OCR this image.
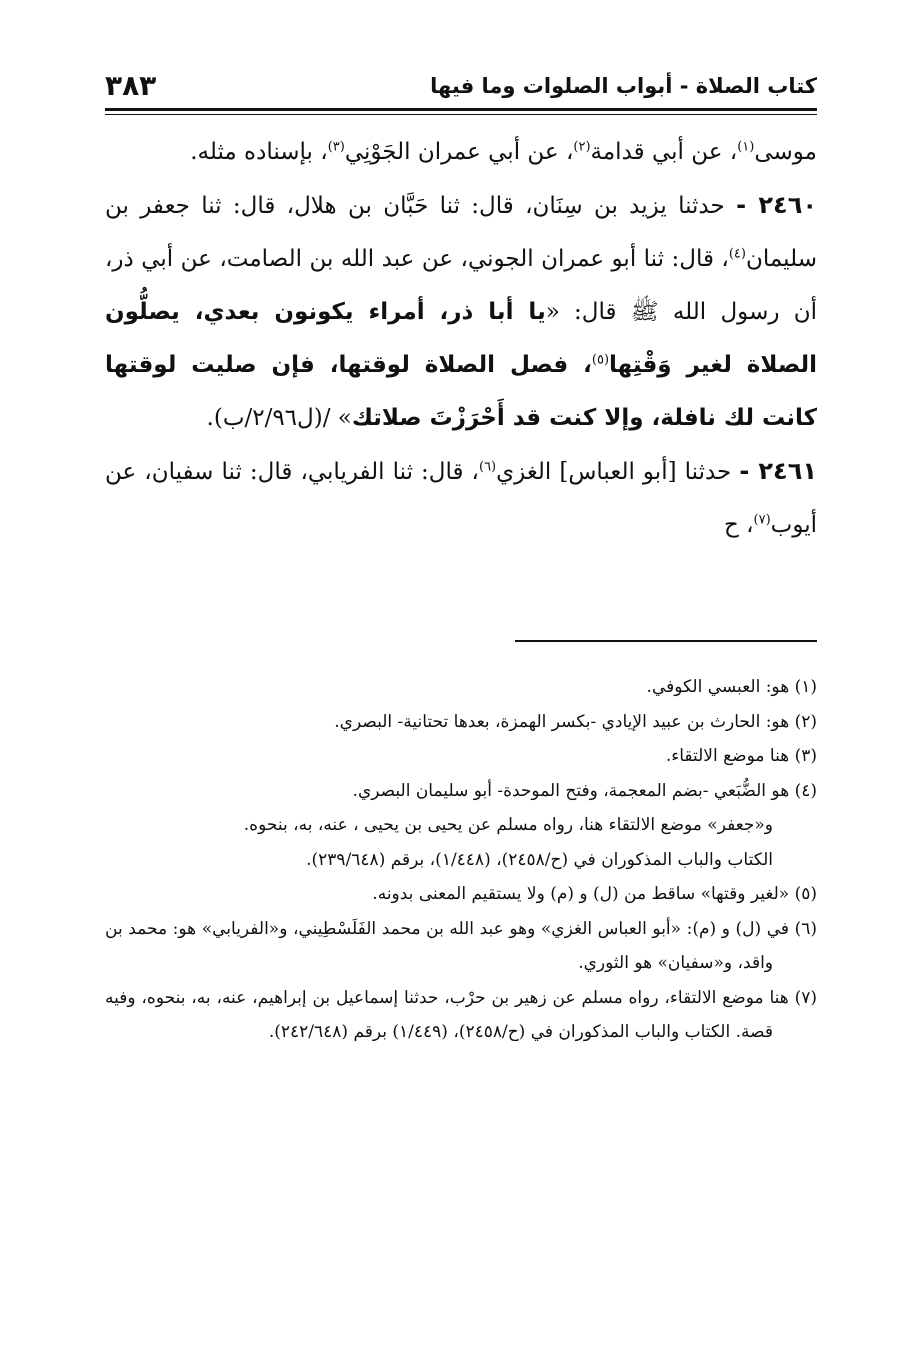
٣٨٣	كتاب الصلاة - أبواب الصلوات وما فيها

موسى$^{(١)}$، عن أبي قدامة$^{(٢)}$، عن أبي عمران الجَوْنِي$^{(٣)}$، بإسناده مثله.

٢٤٦٠ - حدثنا يزيد بن سِنَان، قال: ثنا حَبَّان بن هلال، قال: ثنا جعفر بن سليمان$^{(٤)}$، قال: ثنا أبو عمران الجوني، عن عبد الله بن الصامت، عن أبي ذر، أن رسول الله ﷺ قال: «يا أبا ذر، أمراء يكونون بعدي، يصلُّون الصلاة لغير وَقْتِها$^{(٥)}$، فصل الصلاة لوقتها، فإن صليت لوقتها كانت لك نافلة، وإلا كنت قد أَحْرَزْتَ صلاتك» /(ل٢/٩٦/ب).

٢٤٦١ - حدثنا [أبو العباس] الغزي$^{(٦)}$، قال: ثنا الفريابي، قال: ثنا سفيان، عن أيوب$^{(٧)}$، ح

(١) هو: العبسي الكوفي.

(٢) هو: الحارث بن عبيد الإيادي -بكسر الهمزة، بعدها تحتانية- البصري.

(٣) هنا موضع الالتقاء.

(٤) هو الضُّبَعي -بضم المعجمة، وفتح الموحدة- أبو سليمان البصري.

و«جعفر» موضع الالتقاء هنا، رواه مسلم عن يحيى بن يحيى ، عنه، به، بنحوه.

الكتاب والباب المذكوران في (ح/٢٤٥٨)، (١/٤٤٨)، برقم (٢٣٩/٦٤٨).

(٥) «لغير وقتها» ساقط من (ل) و (م) ولا يستقيم المعنى بدونه.

(٦) في (ل) و (م): «أبو العباس الغزي» وهو عبد الله بن محمد الفَلَسْطِيني، و«الفريابي» هو: محمد بن واقد، و«سفيان» هو الثوري.

(٧) هنا موضع الالتقاء، رواه مسلم عن زهير بن حرْب، حدثنا إسماعيل بن إبراهيم، عنه، به، بنحوه، وفيه قصة. الكتاب والباب المذكوران في (ح/٢٤٥٨)، (١/٤٤٩) برقم (٢٤٢/٦٤٨).
